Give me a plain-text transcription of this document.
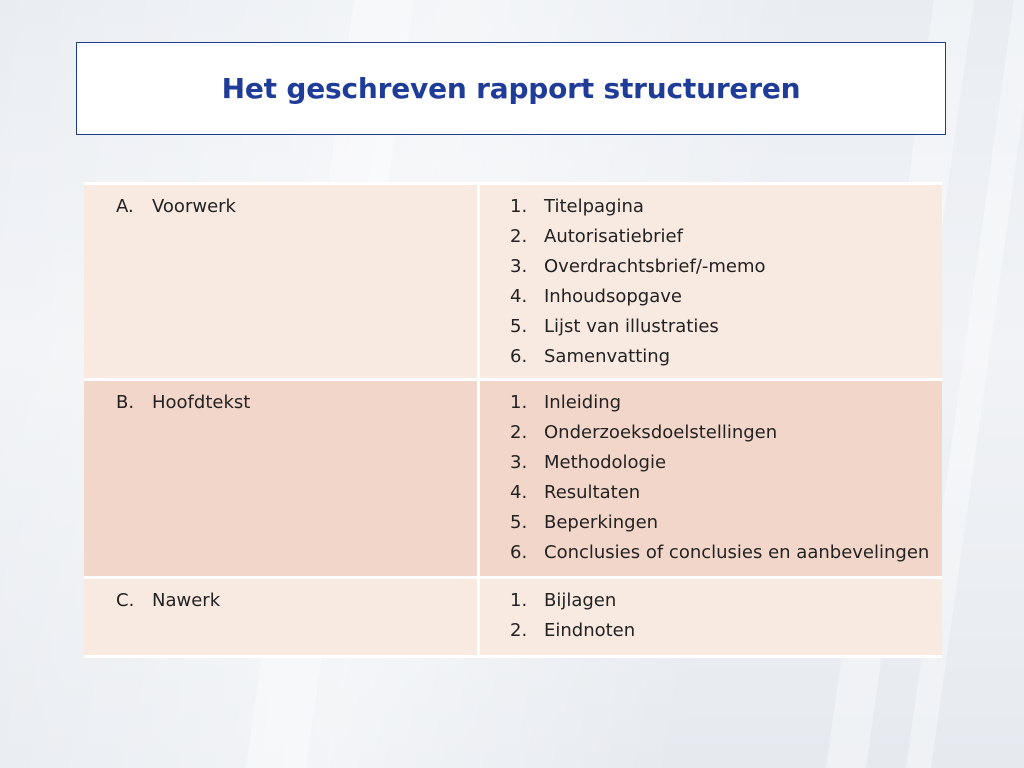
Het geschreven rapport structureren
A.	Voorwerk	1. Titelpagina
2. Autorisatiebrief
3. Overdrachtsbrief/-memo
4. Inhoudsopgave
5. Lijst van illustraties
6. Samenvatting
B. Hoofdtekst	1. Inleiding
2. Onderzoeksdoelstellingen
3. Methodologie
4. Resultaten
5. Beperkingen
6. Conclusies of conclusies en aanbevelingen
C. Nawerk	1. Bijlagen
2. Eindnoten
